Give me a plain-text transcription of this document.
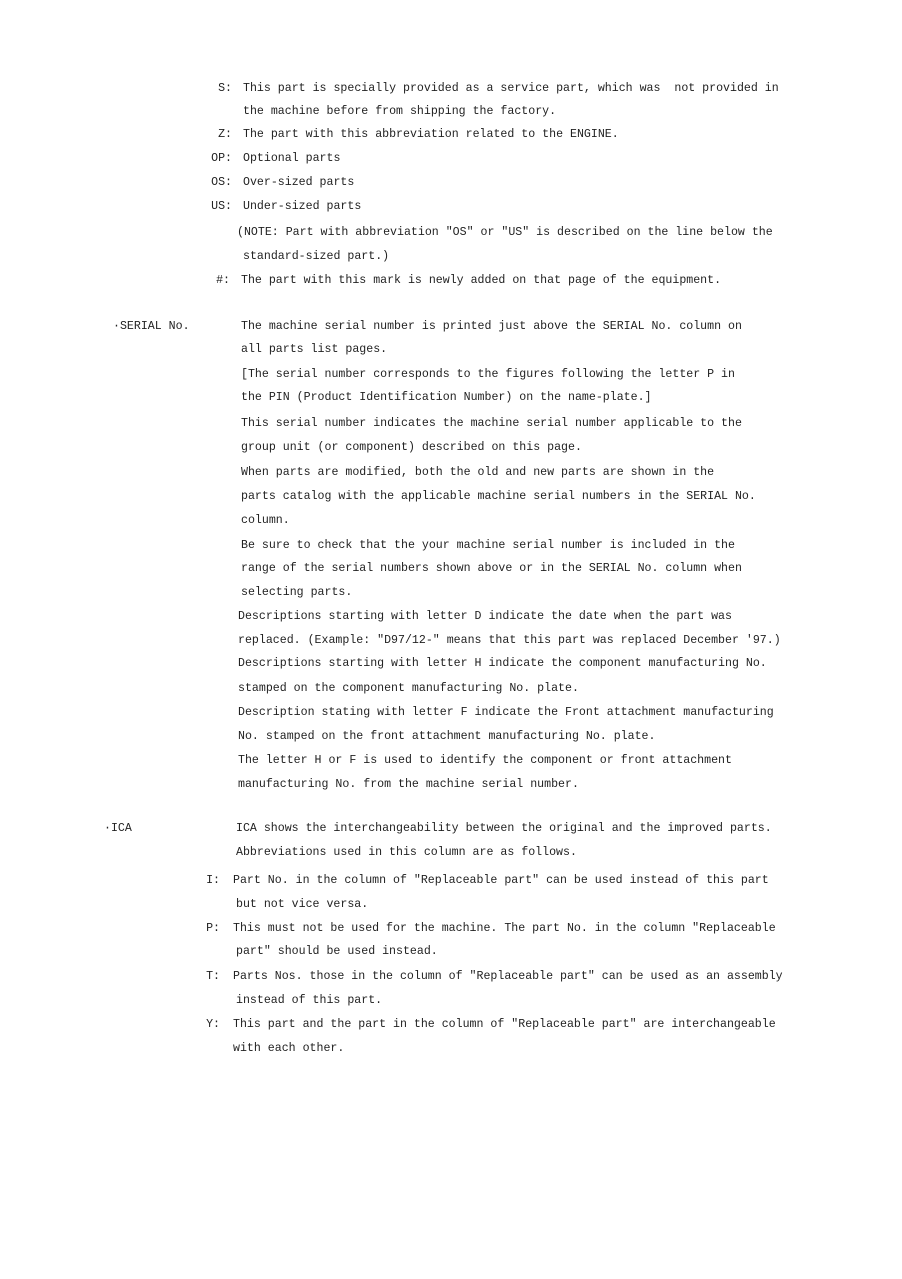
S: This part is specially provided as a service part, which was  not provided in
the machine before from shipping the factory.
Z: The part with this abbreviation related to the ENGINE.
OP: Optional parts
OS: Over-sized parts
US: Under-sized parts
(NOTE: Part with abbreviation "OS" or "US" is described on the line below the
standard-sized part.)
#: The part with this mark is newly added on that page of the equipment.
·SERIAL No.	The machine serial number is printed just above the SERIAL No. column on
all parts list pages.
[The serial number corresponds to the figures following the letter P in
the PIN (Product Identification Number) on the name-plate.]
This serial number indicates the machine serial number applicable to the
group unit (or component) described on this page.
When parts are modified, both the old and new parts are shown in the
parts catalog with the applicable machine serial numbers in the SERIAL No.
column.
Be sure to check that the your machine serial number is included in the
range of the serial numbers shown above or in the SERIAL No. column when
selecting parts.
Descriptions starting with letter D indicate the date when the part was
replaced. (Example: "D97/12-" means that this part was replaced December '97.)
Descriptions starting with letter H indicate the component manufacturing No.
stamped on the component manufacturing No. plate.
Description stating with letter F indicate the Front attachment manufacturing
No. stamped on the front attachment manufacturing No. plate.
The letter H or F is used to identify the component or front attachment
manufacturing No. from the machine serial number.
·ICA	ICA shows the interchangeability between the original and the improved parts.
Abbreviations used in this column are as follows.
I: Part No. in the column of "Replaceable part" can be used instead of this part
but not vice versa.
P: This must not be used for the machine. The part No. in the column "Replaceable
part" should be used instead.
T: Parts Nos. those in the column of "Replaceable part" can be used as an assembly
instead of this part.
Y: This part and the part in the column of "Replaceable part" are interchangeable
with each other.
